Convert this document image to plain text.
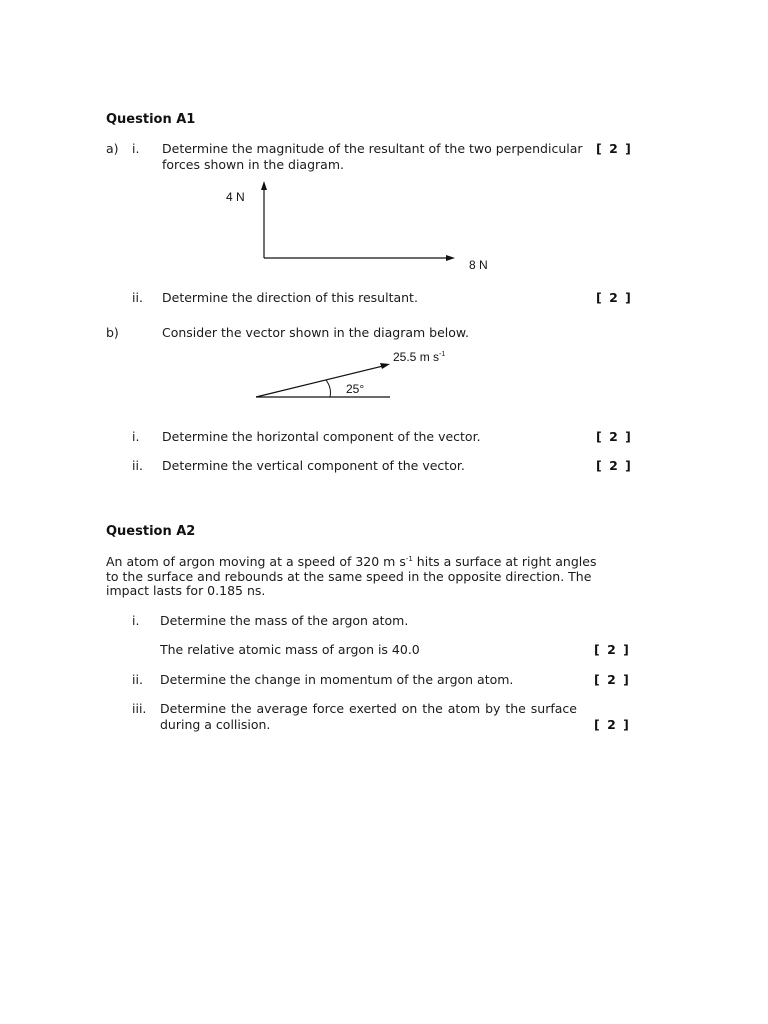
Question A1
a) i. Determine the magnitude of the resultant of the two perpendicular
forces shown in the diagram.
[ 2 ]
4 N
8 N
ii. Determine the direction of this resultant.	[ 2 ]
b)	Consider the vector shown in the diagram below.
25.5 m $s^{-1}$
25°
i. Determine the horizontal component of the vector.	[ 2 ]
ii. Determine the vertical component of the vector.	[ 2 ]
Question A2
An atom of argon moving at a speed of 320 m $s^{-1}$ hits a surface at right angles
to the surface and rebounds at the same speed in the opposite direction. The
impact lasts for 0.185 ns.
i. Determine the mass of the argon atom.
The relative atomic mass of argon is 40.0	[ 2 ]
ii. Determine the change in momentum of the argon atom.	[ 2 ]
iii. Determine the average force exerted on the atom by the surface
during a collision.	[ 2 ]
